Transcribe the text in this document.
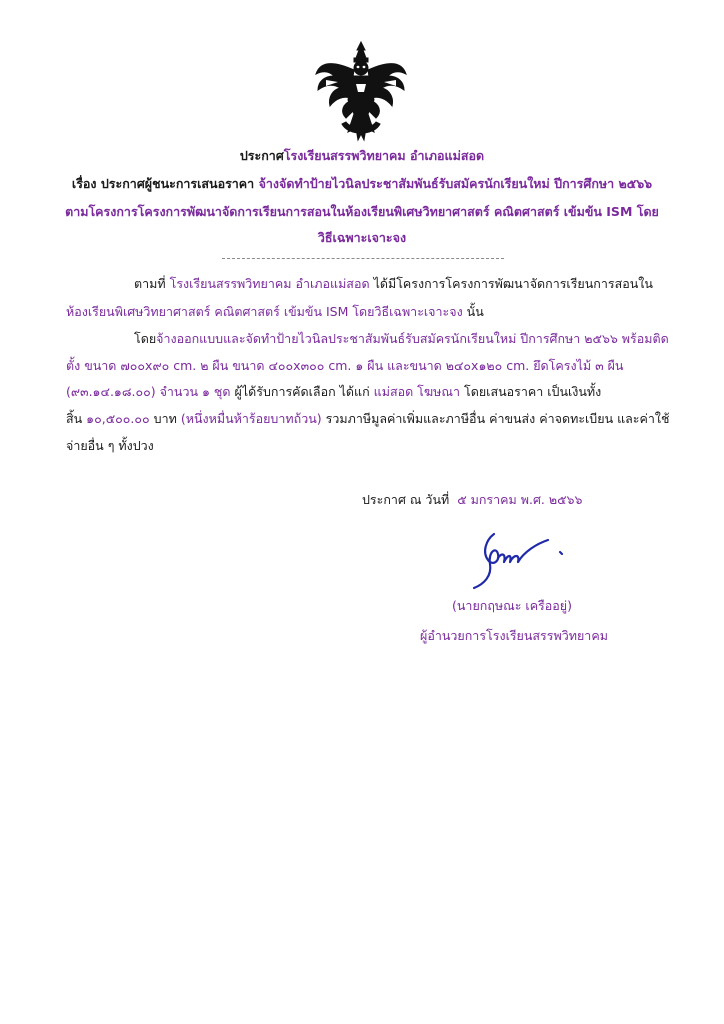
ประกาศโรงเรียนสรรพวิทยาคม อำเภอแม่สอด
เรื่อง ประกาศผู้ชนะการเสนอราคา จ้างจัดทำป้ายไวนิลประชาสัมพันธ์รับสมัครนักเรียนใหม่ ปีการศึกษา ๒๕๖๖
ตามโครงการโครงการพัฒนาจัดการเรียนการสอนในห้องเรียนพิเศษวิทยาศาสตร์ คณิตศาสตร์ เข้มข้น ISM โดย
วิธีเฉพาะเจาะจง
ตามที่ โรงเรียนสรรพวิทยาคม อำเภอแม่สอด ได้มีโครงการโครงการพัฒนาจัดการเรียนการสอนใน
ห้องเรียนพิเศษวิทยาศาสตร์ คณิตศาสตร์ เข้มข้น ISM โดยวิธีเฉพาะเจาะจง นั้น
โดยจ้างออกแบบและจัดทำป้ายไวนิลประชาสัมพันธ์รับสมัครนักเรียนใหม่ ปีการศึกษา ๒๕๖๖ พร้อมติด
ตั้ง ขนาด ๗๐๐x๙๐ cm. ๒ ผืน ขนาด ๔๐๐x๓๐๐ cm. ๑ ผืน และขนาด ๒๔๐x๑๒๐ cm. ยึดโครงไม้ ๓ ผืน
(๙๓.๑๔.๑๘.๐๐) จำนวน ๑ ชุด ผู้ได้รับการคัดเลือก ได้แก่ แม่สอด โฆษณา โดยเสนอราคา เป็นเงินทั้ง
สิ้น ๑๐,๕๐๐.๐๐ บาท (หนึ่งหมื่นห้าร้อยบาทถ้วน) รวมภาษีมูลค่าเพิ่มและภาษีอื่น ค่าขนส่ง ค่าจดทะเบียน และค่าใช้
จ่ายอื่น ๆ ทั้งปวง
ประกาศ ณ วันที่ ๕ มกราคม พ.ศ. ๒๕๖๖
(นายกฤษณะ เครืออยู่)
ผู้อำนวยการโรงเรียนสรรพวิทยาคม
